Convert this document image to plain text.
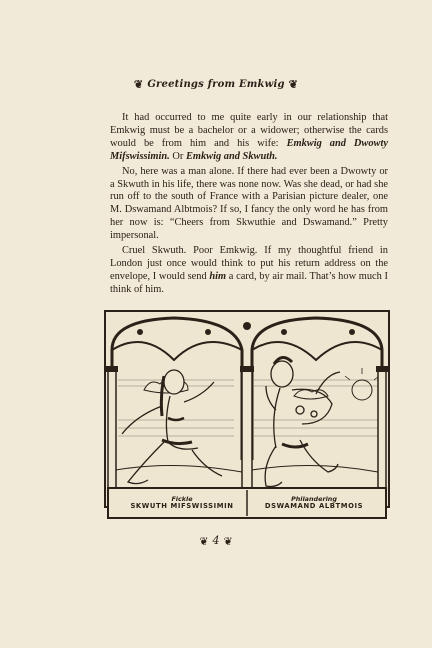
❦ Greetings from Emkwig ❦

It had occurred to me quite early in our relationship that Emkwig must be a bachelor or a widower; otherwise the cards would be from him and his wife: Emkwig and Dwowty Mifswissimin. Or Emkwig and Skwuth.

No, here was a man alone. If there had ever been a Dwowty or a Skwuth in his life, there was none now. Was she dead, or had she run off to the south of France with a Parisian picture dealer, one M. Dswamand Albtmois? If so, I fancy the only word he has from her now is: “Cheers from Skwuthie and Dswamand.” Pretty impersonal.

Cruel Skwuth. Poor Emkwig. If my thoughtful friend in London just once would think to put his return address on the envelope, I would send him a card, by air mail. That’s how much I think of him.

Fickle
SKWUTH MIFSWISSIMIN
Philandering
DSWAMAND ALBTMOIS
❦ 4 ❦
